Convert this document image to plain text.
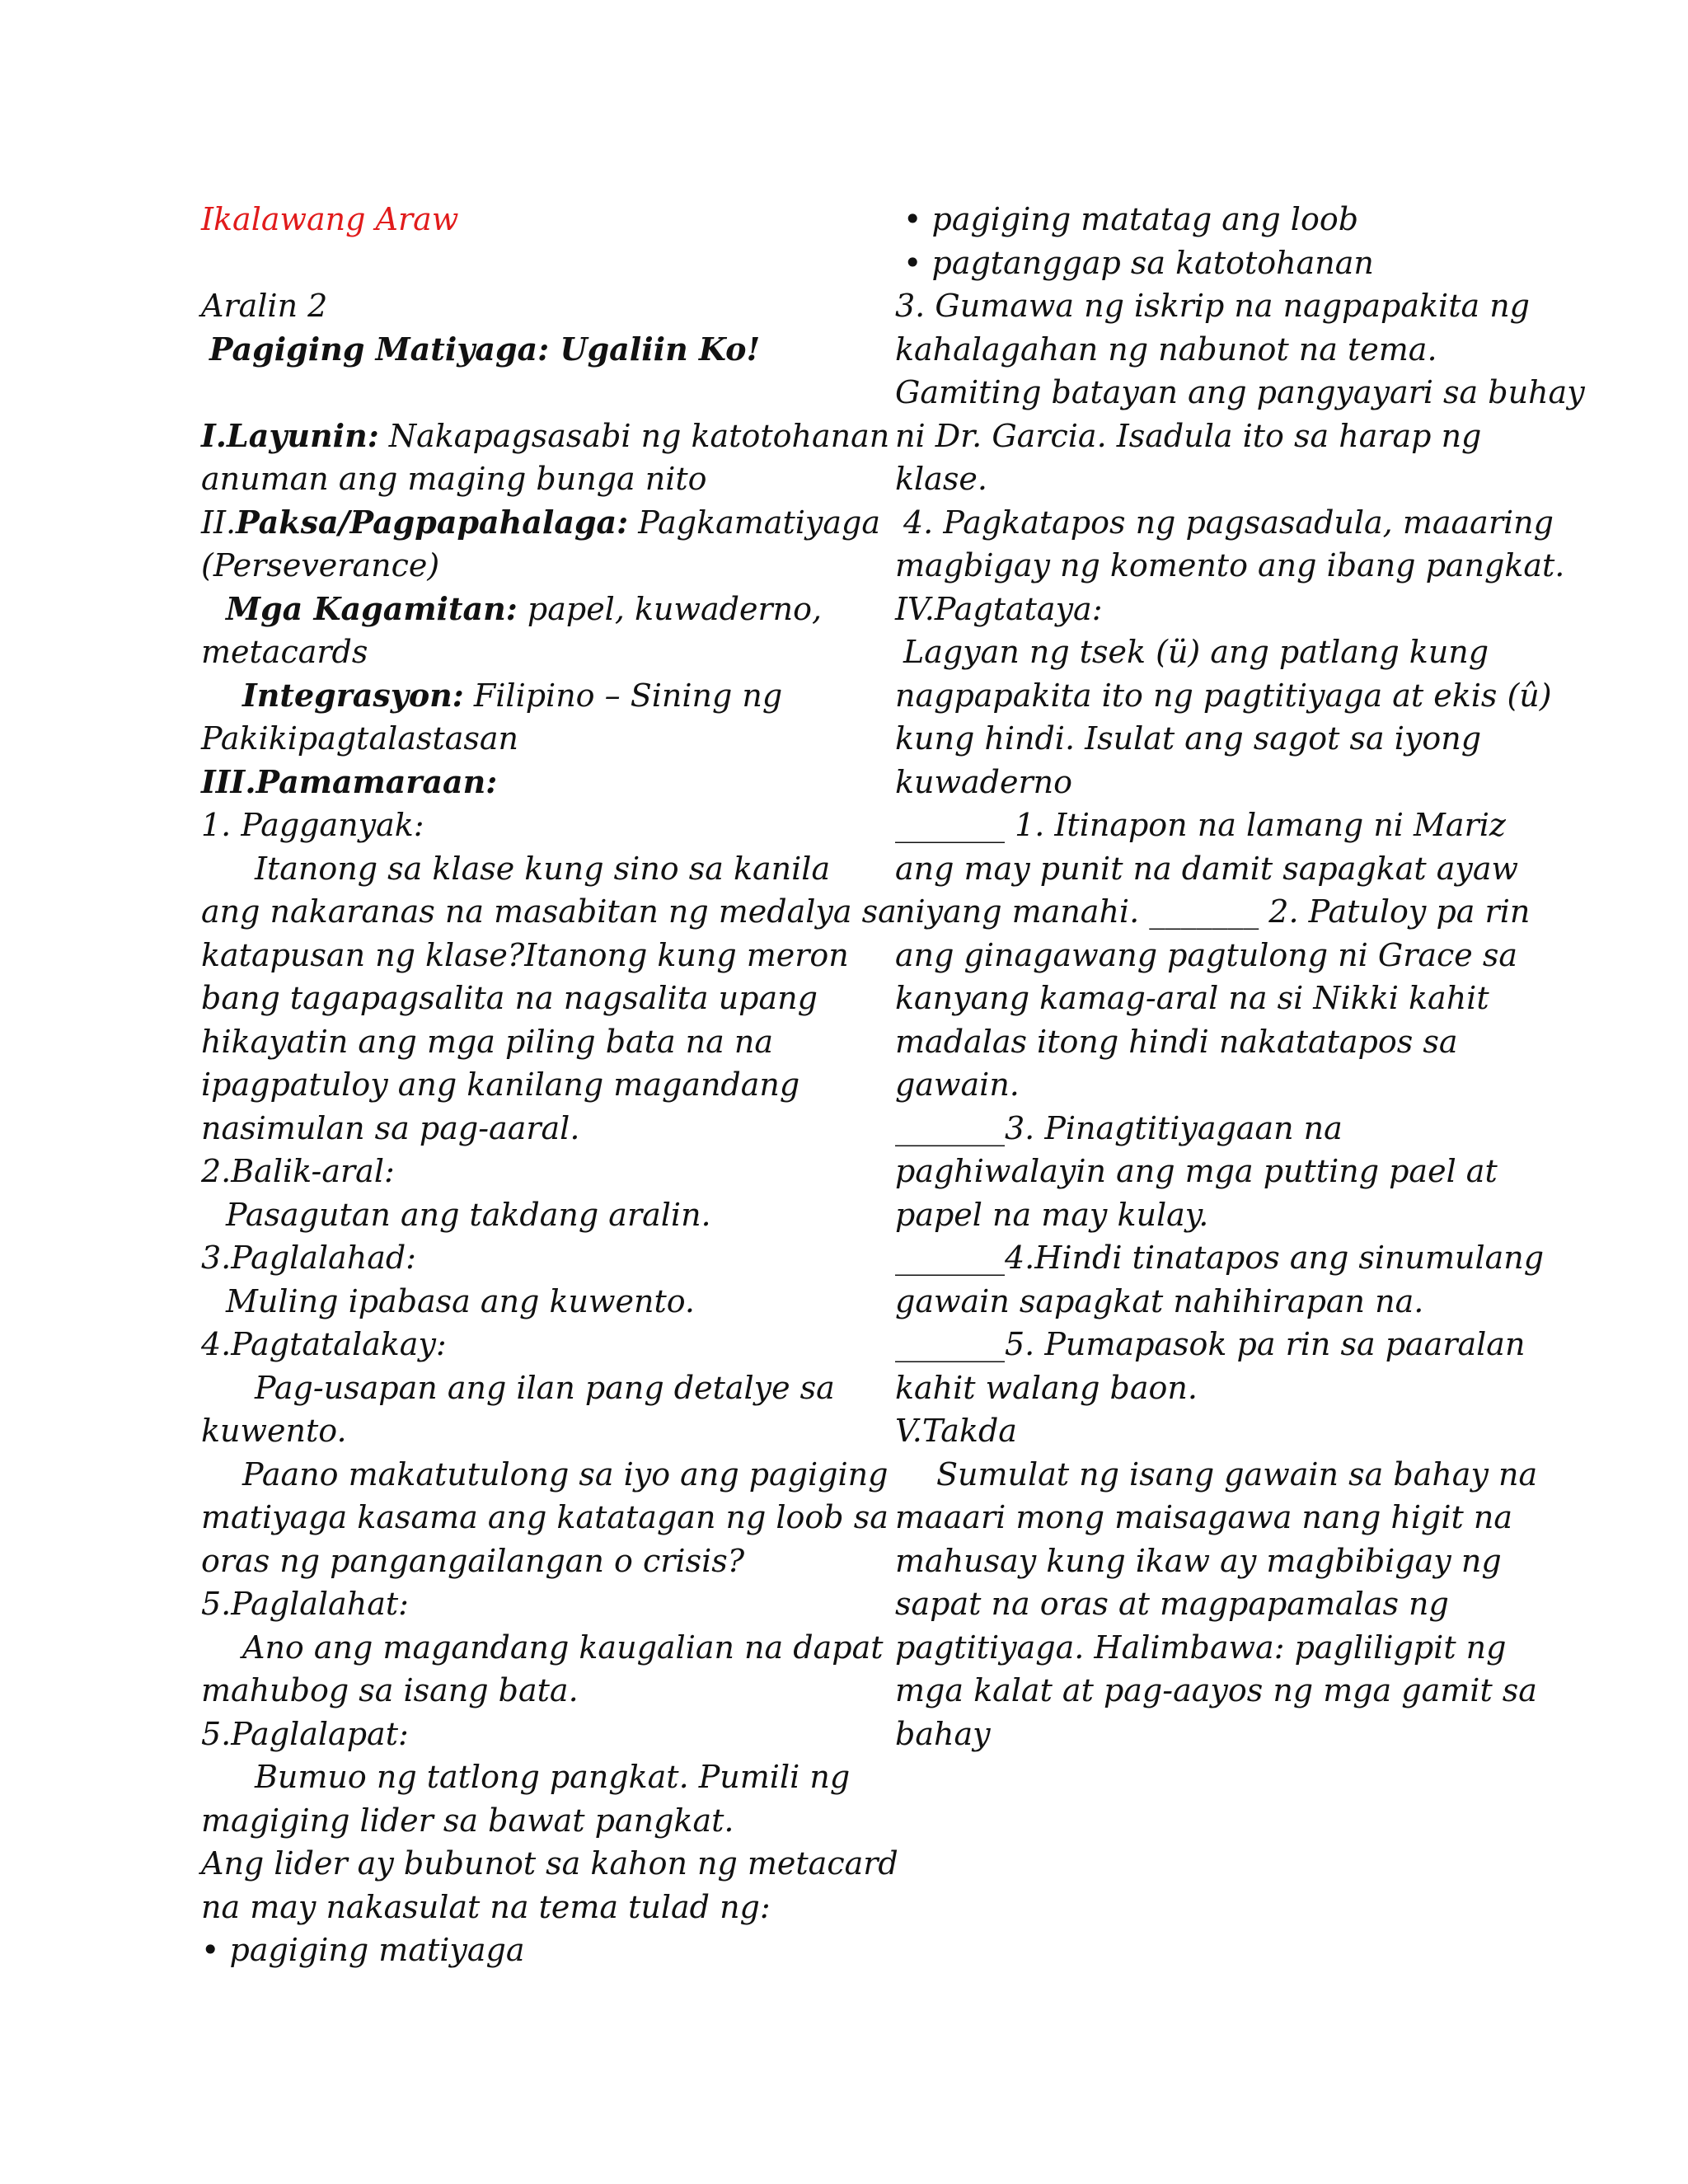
Ikalawang Araw
Aralin 2
Pagiging Matiyaga: Ugaliin Ko!
I.Layunin: Nakapagsasabi ng katotohanan
anuman ang maging bunga nito
II.Paksa/Pagpapahalaga: Pagkamatiyaga
(Perseverance)
Mga Kagamitan: papel, kuwaderno,
metacards
Integrasyon: Filipino – Sining ng
Pakikipagtalastasan
III.Pamamaraan:
1. Pagganyak:
Itanong sa klase kung sino sa kanila
ang nakaranas na masabitan ng medalya sa
katapusan ng klase?Itanong kung meron
bang tagapagsalita na nagsalita upang
hikayatin ang mga piling bata na na
ipagpatuloy ang kanilang magandang
nasimulan sa pag-aaral.
2.Balik-aral:
Pasagutan ang takdang aralin.
3.Paglalahad:
Muling ipabasa ang kuwento.
4.Pagtatalakay:
Pag-usapan ang ilan pang detalye sa
kuwento.
Paano makatutulong sa iyo ang pagiging
matiyaga kasama ang katatagan ng loob sa
oras ng pangangailangan o crisis?
5.Paglalahat:
Ano ang magandang kaugalian na dapat
mahubog sa isang bata.
5.Paglalapat:
Bumuo ng tatlong pangkat. Pumili ng
magiging lider sa bawat pangkat.
Ang lider ay bubunot sa kahon ng metacard
na may nakasulat na tema tulad ng:
• pagiging matiyaga
• pagiging matatag ang loob
• pagtanggap sa katotohanan
3. Gumawa ng iskrip na nagpapakita ng
kahalagahan ng nabunot na tema.
Gamiting batayan ang pangyayari sa buhay
ni Dr. Garcia. Isadula ito sa harap ng
klase.
4. Pagkatapos ng pagsasadula, maaaring
magbigay ng komento ang ibang pangkat.
IV.Pagtataya:
Lagyan ng tsek (ü) ang patlang kung
nagpapakita ito ng pagtitiyaga at ekis (û)
kung hindi. Isulat ang sagot sa iyong
kuwaderno
_______ 1. Itinapon na lamang ni Mariz
ang may punit na damit sapagkat ayaw
niyang manahi. _______ 2. Patuloy pa rin
ang ginagawang pagtulong ni Grace sa
kanyang kamag-aral na si Nikki kahit
madalas itong hindi nakatatapos sa
gawain.
_______3. Pinagtitiyagaan na
paghiwalayin ang mga putting pael at
papel na may kulay.
_______4.Hindi tinatapos ang sinumulang
gawain sapagkat nahihirapan na.
_______5. Pumapasok pa rin sa paaralan
kahit walang baon.
V.Takda
Sumulat ng isang gawain sa bahay na
maaari mong maisagawa nang higit na
mahusay kung ikaw ay magbibigay ng
sapat na oras at magpapamalas ng
pagtitiyaga. Halimbawa: pagliligpit ng
mga kalat at pag-aayos ng mga gamit sa
bahay
